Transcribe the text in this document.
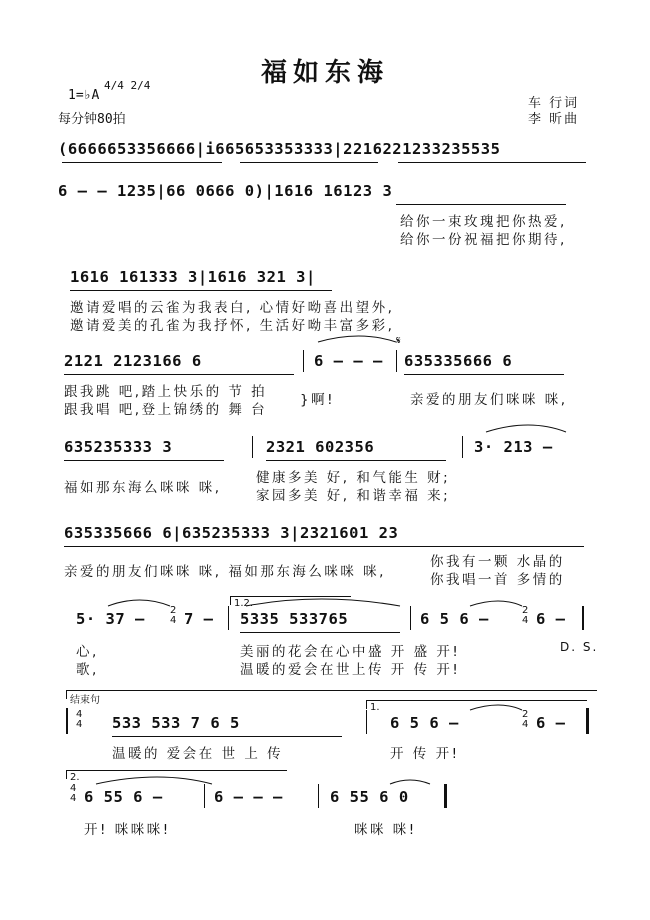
福如东海
1=♭A
4/4 2/4
每分钟80拍
车 行词
李 昕曲
(6666653356666|i665653353333|2216221233235535
6 – – 1235|66 0666 0)|1616 16123 3
给你一束玫瑰把你热爱,
给你一份祝福把你期待,
1616 161333 3|1616 321 3|
邀请爱唱的云雀为我表白, 心情好呦喜出望外,
邀请爱美的孔雀为我抒怀, 生活好呦丰富多彩,
2121 2123166 6	6 – – – 635335666 6
𝄋
跟我跳 吧,踏上快乐的 节 拍
跟我唱 吧,登上锦绣的 舞 台
}啊!	亲爱的朋友们咪咪 咪,
635235333 3	2321 602356	3· 213 –
福如那东海么咪咪 咪,
健康多美 好, 和气能生 财;
家园多美 好, 和谐幸福 来;
635335666 6|635235333 3|2321601 23
亲爱的朋友们咪咪 咪, 福如那东海么咪咪 咪,
你我有一颗 水晶的
你我唱一首 多情的
1.2.
5· 37 –	2
4 7 – 5335 533765	6 5 6 –	2
4 6 –
心,
歌,
美丽的花会在心中盛 开 盛 开!
温暖的爱会在世上传 开 传 开!
D. S.
结束句
1.
4
4 533 533 7 6 5	6 5 6 –	2
4 6 –
温暖的 爱会在 世 上 传	开 传 开!
2.
4
4 6 55 6 –	6 – – –	6 55 6 0
开! 咪咪咪!	咪咪 咪!
